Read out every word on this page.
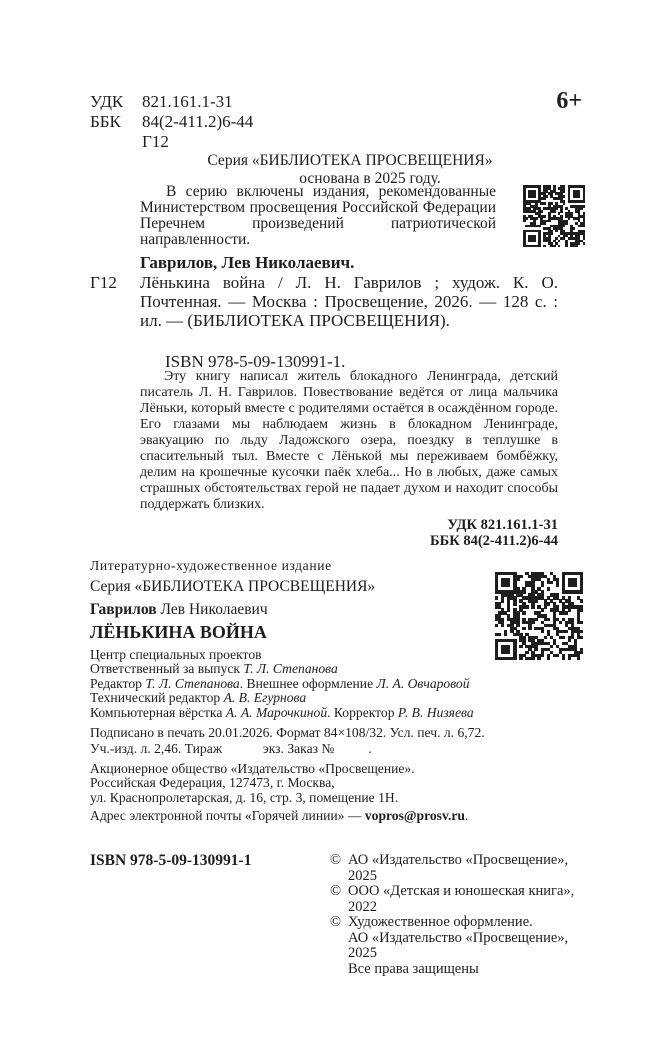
УДК 821.161.1-31
ББК 84(2-411.2)6-44
Г12
6+
Серия «БИБЛИОТЕКА ПРОСВЕЩЕНИЯ»
основана в 2025 году.
В серию включены издания, рекомендованные Министерством просвещения Российской Федерации Перечнем произведений патриотической направленности.
Гаврилов, Лев Николаевич.
Г12 Лёнькина война / Л. Н. Гаврилов ; худож. К. О. Почтенная. — Москва : Просвещение, 2026. — 128 с. : ил. — (БИБЛИОТЕКА ПРОСВЕЩЕНИЯ).
ISBN 978-5-09-130991-1.
Эту книгу написал житель блокадного Ленинграда, детский писатель Л. Н. Гаврилов. Повествование ведётся от лица мальчика Лёньки, который вместе с родителями остаётся в осаждённом городе. Его глазами мы наблюдаем жизнь в блокадном Ленинграде, эвакуацию по льду Ладожского озера, поездку в теплушке в спасительный тыл. Вместе с Лёнькой мы переживаем бомбёжку, делим на крошечные кусочки паёк хлеба... Но в любых, даже самых страшных обстоятельствах герой не падает духом и находит способы поддержать близких.
УДК 821.161.1-31
ББК 84(2-411.2)6-44
Литературно-художественное издание
Серия «БИБЛИОТЕКА ПРОСВЕЩЕНИЯ»
Гаврилов Лев Николаевич
ЛЁНЬКИНА ВОЙНА
Центр специальных проектов
Ответственный за выпуск Т. Л. Степанова
Редактор Т. Л. Степанова. Внешнее оформление Л. А. Овчаровой
Технический редактор А. В. Егурнова
Компьютерная вёрстка А. А. Марочкиной. Корректор Р. В. Низяева
Подписано в печать 20.01.2026. Формат 84×108/32. Усл. печ. л. 6,72.
Уч.-изд. л. 2,46. Тираж            экз. Заказ №          .
Акционерное общество «Издательство «Просвещение».
Российская Федерация, 127473, г. Москва,
ул. Краснопролетарская, д. 16, стр. 3, помещение 1Н.
Адрес электронной почты «Горячей линии» — vopros@prosv.ru.
ISBN 978-5-09-130991-1	© АО «Издательство «Просвещение»,
2025
© ООО «Детская и юношеская книга»,
2022
© Художественное оформление.
АО «Издательство «Просвещение»,
2025
Все права защищены
